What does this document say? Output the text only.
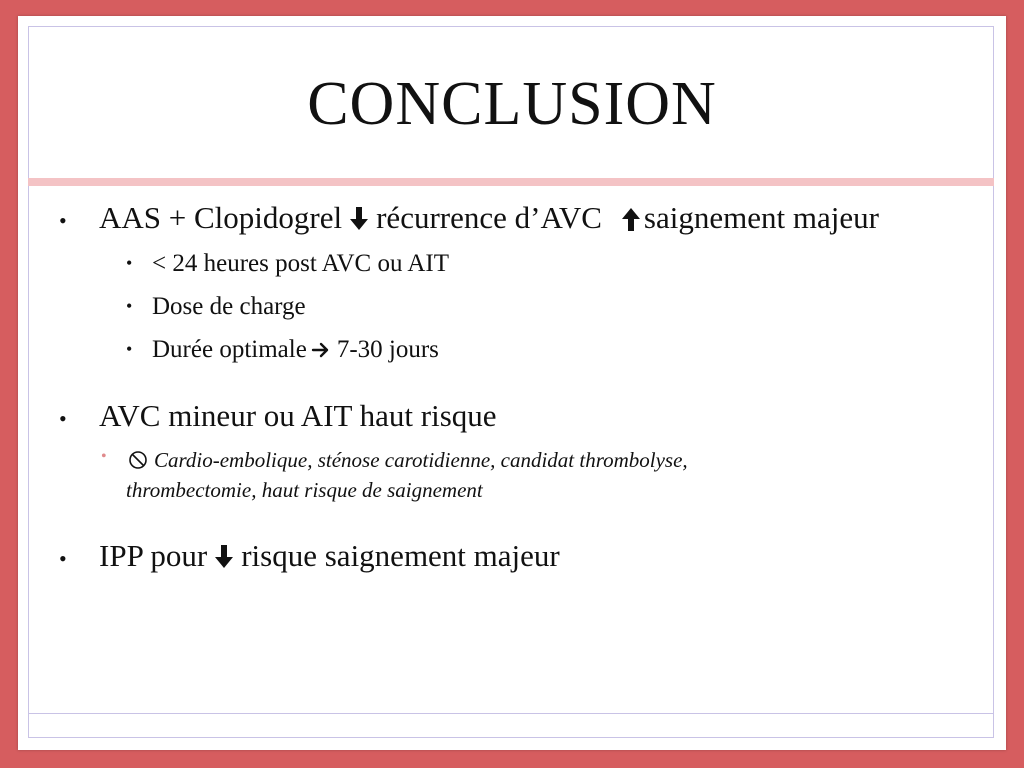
CONCLUSION
• AAS + Clopidogrel récurrence d’AVC saignement majeur
• < 24 heures post AVC ou AIT
• Dose de charge
• Durée optimale 7-30 jours
• AVC mineur ou AIT haut risque
•	Cardio-embolique, sténose carotidienne, candidat thrombolyse,
thrombectomie, haut risque de saignement
• IPP pour risque saignement majeur
